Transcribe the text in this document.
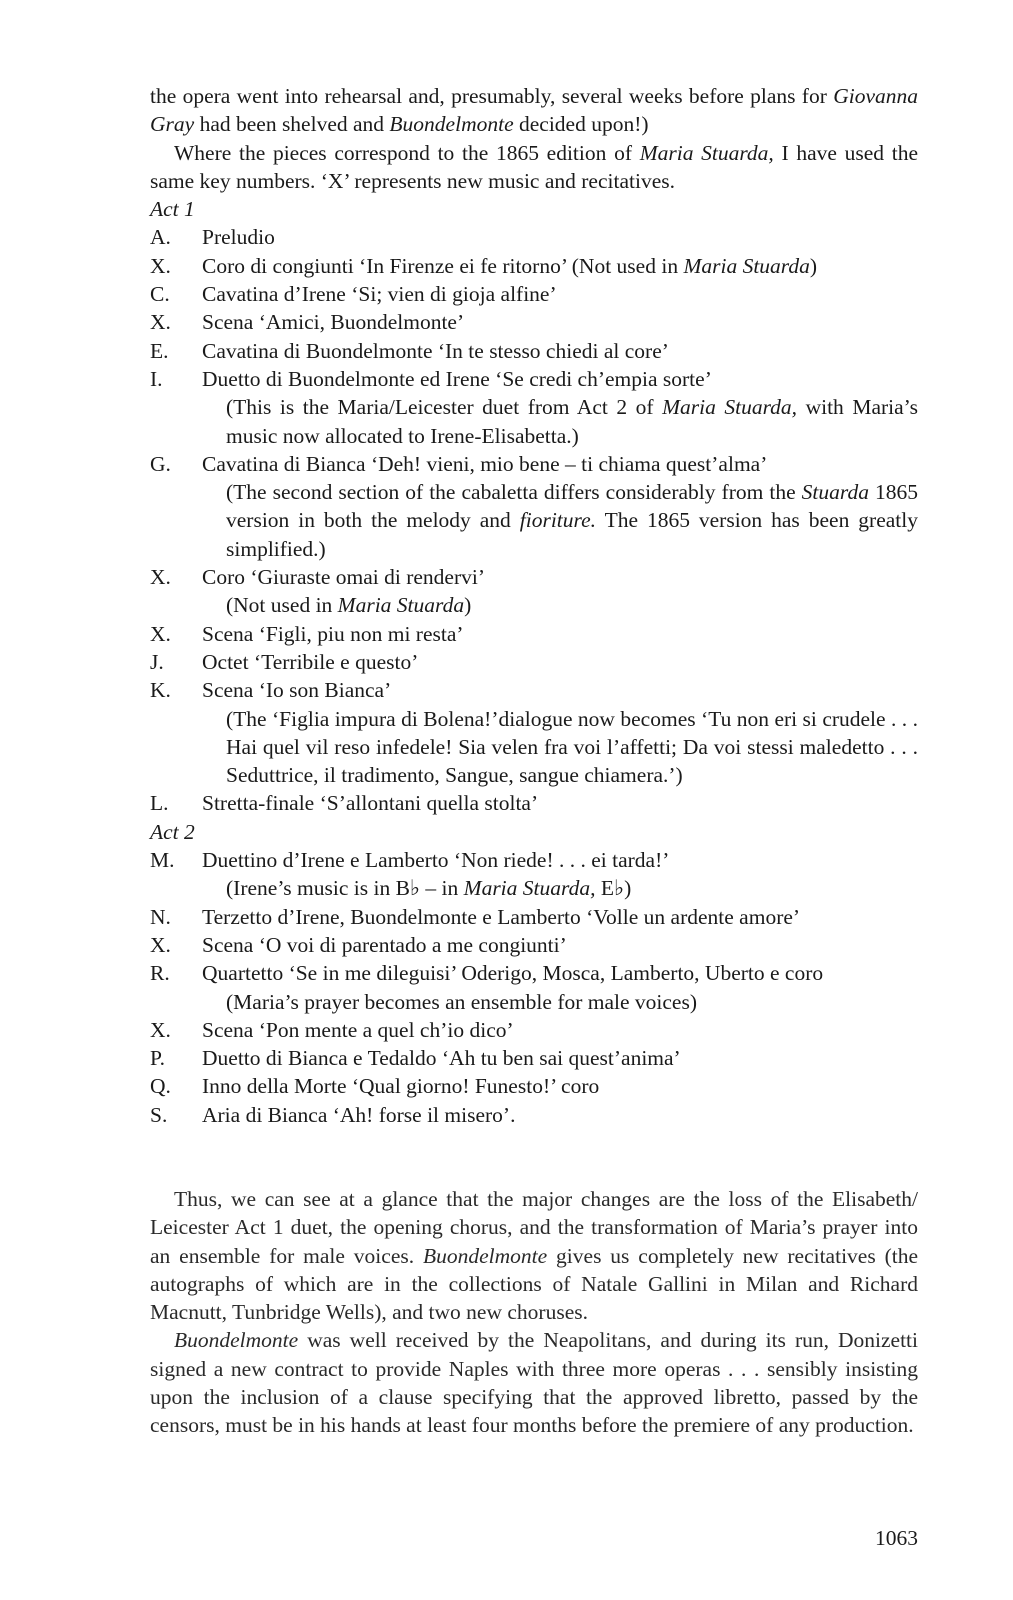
the opera went into rehearsal and, presumably, several weeks before plans for Giovanna Gray had been shelved and Buondelmonte decided upon!)

Where the pieces correspond to the 1865 edition of Maria Stuarda, I have used the same key numbers. ‘X’ represents new music and recitatives.

Act 1
A.	Preludio
X.	Coro di congiunti ‘In Firenze ei fe ritorno’ (Not used in Maria Stuarda)
C.	Cavatina d’Irene ‘Si; vien di gioja alfine’
X.	Scena ‘Amici, Buondelmonte’
E.	Cavatina di Buondelmonte ‘In te stesso chiedi al core’
I.	Duetto di Buondelmonte ed Irene ‘Se credi ch’empia sorte’
(This is the Maria/Leicester duet from Act 2 of Maria Stuarda, with Maria’s music now allocated to Irene-Elisabetta.)
G.	Cavatina di Bianca ‘Deh! vieni, mio bene – ti chiama quest’alma’
(The second section of the cabaletta differs considerably from the Stuarda 1865 version in both the melody and fioriture. The 1865 version has been greatly simplified.)
X.	Coro ‘Giuraste omai di rendervi’
(Not used in Maria Stuarda)
X.	Scena ‘Figli, piu non mi resta’
J.	Octet ‘Terribile e questo’
K.	Scena ‘Io son Bianca’
(The ‘Figlia impura di Bolena!’dialogue now becomes ‘Tu non eri si crudele . . . Hai quel vil reso infedele! Sia velen fra voi l’affetti; Da voi stessi maledetto . . . Seduttrice, il tradimento, Sangue, sangue chiamera.’)
L.	Stretta-finale ‘S’allontani quella stolta’
Act 2
M.	Duettino d’Irene e Lamberto ‘Non riede! . . . ei tarda!’
(Irene’s music is in B♭ – in Maria Stuarda, E♭)
N.	Terzetto d’Irene, Buondelmonte e Lamberto ‘Volle un ardente amore’
X.	Scena ‘O voi di parentado a me congiunti’
R.	Quartetto ‘Se in me dileguisi’ Oderigo, Mosca, Lamberto, Uberto e coro
(Maria’s prayer becomes an ensemble for male voices)
X.	Scena ‘Pon mente a quel ch’io dico’
P.	Duetto di Bianca e Tedaldo ‘Ah tu ben sai quest’anima’
Q.	Inno della Morte ‘Qual giorno! Funesto!’ coro
S.	Aria di Bianca ‘Ah! forse il misero’.

Thus, we can see at a glance that the major changes are the loss of the Elisabeth/ Leicester Act 1 duet, the opening chorus, and the transformation of Maria’s prayer into an ensemble for male voices. Buondelmonte gives us completely new recitatives (the autographs of which are in the collections of Natale Gallini in Milan and Richard Macnutt, Tunbridge Wells), and two new choruses.

Buondelmonte was well received by the Neapolitans, and during its run, Donizetti signed a new contract to provide Naples with three more operas . . . sensibly insisting upon the inclusion of a clause specifying that the approved libretto, passed by the censors, must be in his hands at least four months before the premiere of any production.

1063
